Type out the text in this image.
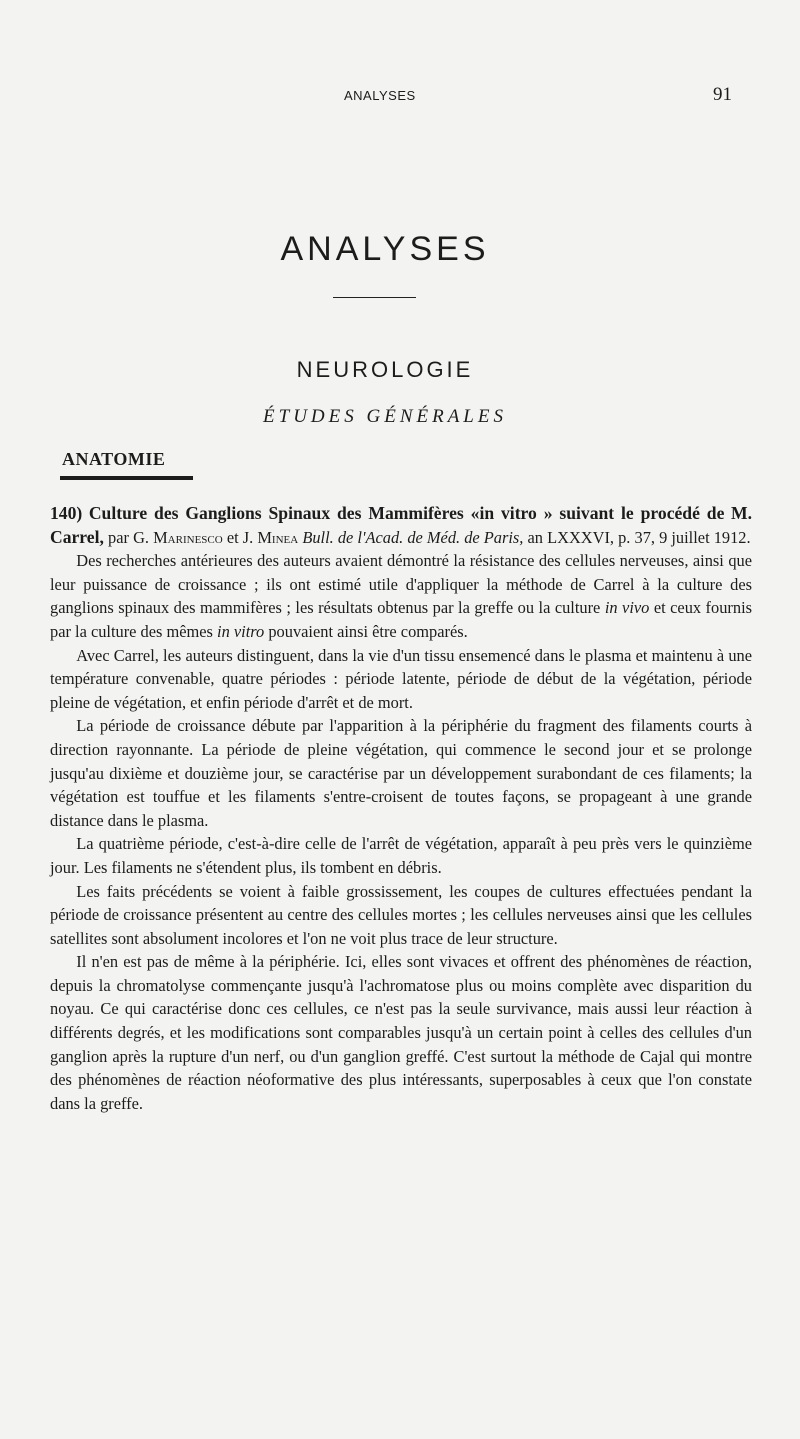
ANALYSES	91
ANALYSES
NEUROLOGIE
ÉTUDES GÉNÉRALES
ANATOMIE

140) Culture des Ganglions Spinaux des Mammifères «in vitro » suivant le procédé de M. Carrel, par G. Marinesco et J. Minea Bull. de l'Acad. de Méd. de Paris, an LXXXVI, p. 37, 9 juillet 1912.

Des recherches antérieures des auteurs avaient démontré la résistance des cellules nerveuses, ainsi que leur puissance de croissance ; ils ont estimé utile d'appliquer la méthode de Carrel à la culture des ganglions spinaux des mammifères ; les résultats obtenus par la greffe ou la culture in vivo et ceux fournis par la culture des mêmes in vitro pouvaient ainsi être comparés.

Avec Carrel, les auteurs distinguent, dans la vie d'un tissu ensemencé dans le plasma et maintenu à une température convenable, quatre périodes : période latente, période de début de la végétation, période pleine de végétation, et enfin période d'arrêt et de mort.

La période de croissance débute par l'apparition à la périphérie du fragment des filaments courts à direction rayonnante. La période de pleine végétation, qui commence le second jour et se prolonge jusqu'au dixième et douzième jour, se caractérise par un développement surabondant de ces filaments; la végétation est touffue et les filaments s'entre-croisent de toutes façons, se propageant à une grande distance dans le plasma.

La quatrième période, c'est-à-dire celle de l'arrêt de végétation, apparaît à peu près vers le quinzième jour. Les filaments ne s'étendent plus, ils tombent en débris.

Les faits précédents se voient à faible grossissement, les coupes de cultures effectuées pendant la période de croissance présentent au centre des cellules mortes ; les cellules nerveuses ainsi que les cellules satellites sont absolument incolores et l'on ne voit plus trace de leur structure.

Il n'en est pas de même à la périphérie. Ici, elles sont vivaces et offrent des phénomènes de réaction, depuis la chromatolyse commençante jusqu'à l'achromatose plus ou moins complète avec disparition du noyau. Ce qui caractérise donc ces cellules, ce n'est pas la seule survivance, mais aussi leur réaction à différents degrés, et les modifications sont comparables jusqu'à un certain point à celles des cellules d'un ganglion après la rupture d'un nerf, ou d'un ganglion greffé. C'est surtout la méthode de Cajal qui montre des phénomènes de réaction néoformative des plus intéressants, superposables à ceux que l'on constate dans la greffe.
